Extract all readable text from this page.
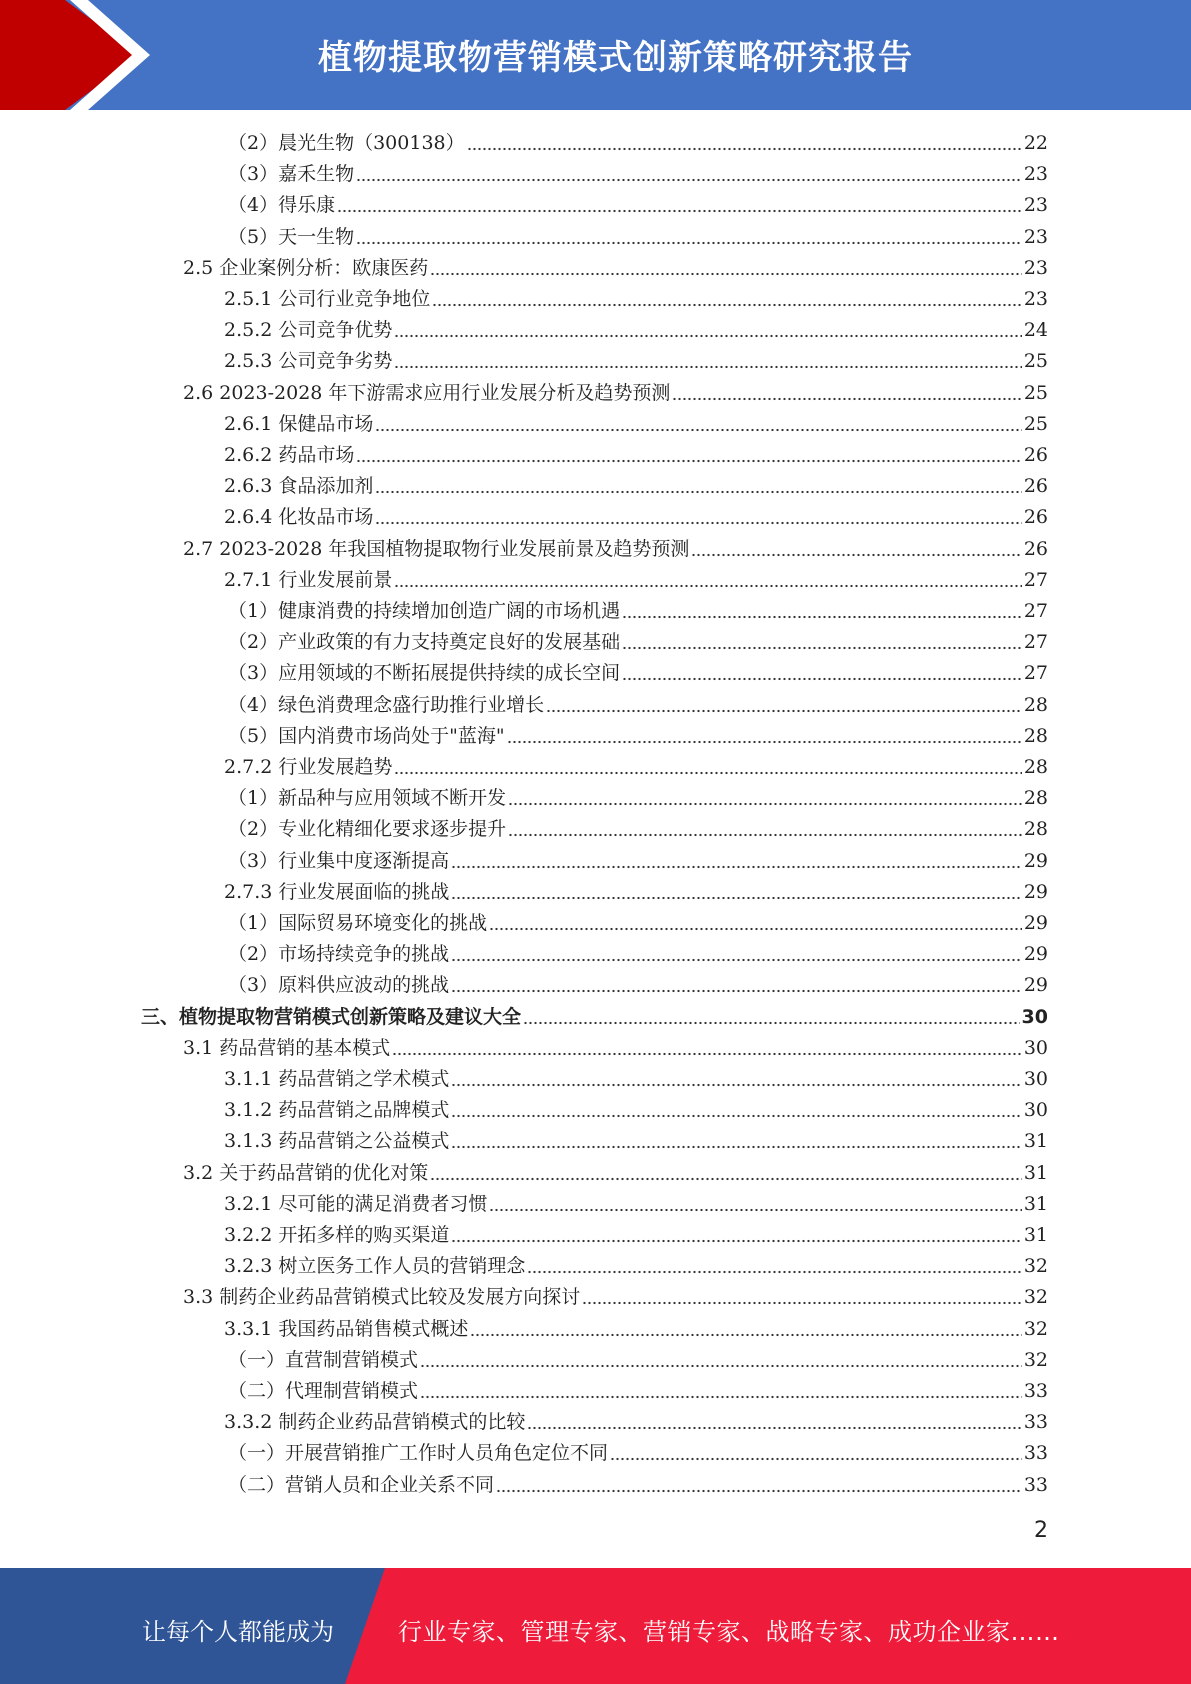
植物提取物营销模式创新策略研究报告
（2）晨光生物（300138）	22
（3）嘉禾生物	23
（4）得乐康	23
（5）天一生物	23
2.5 企业案例分析：欧康医药	23
2.5.1 公司行业竞争地位	23
2.5.2 公司竞争优势	24
2.5.3 公司竞争劣势	25
2.6 2023-2028 年下游需求应用行业发展分析及趋势预测	25
2.6.1 保健品市场	25
2.6.2 药品市场	26
2.6.3 食品添加剂	26
2.6.4 化妆品市场	26
2.7 2023-2028 年我国植物提取物行业发展前景及趋势预测	26
2.7.1 行业发展前景	27
（1）健康消费的持续增加创造广阔的市场机遇	27
（2）产业政策的有力支持奠定良好的发展基础	27
（3）应用领域的不断拓展提供持续的成长空间	27
（4）绿色消费理念盛行助推行业增长	28
（5）国内消费市场尚处于"蓝海"	28
2.7.2 行业发展趋势	28
（1）新品种与应用领域不断开发	28
（2）专业化精细化要求逐步提升	28
（3）行业集中度逐渐提高	29
2.7.3 行业发展面临的挑战	29
（1）国际贸易环境变化的挑战	29
（2）市场持续竞争的挑战	29
（3）原料供应波动的挑战	29
三、植物提取物营销模式创新策略及建议大全	30
3.1 药品营销的基本模式	30
3.1.1 药品营销之学术模式	30
3.1.2 药品营销之品牌模式	30
3.1.3 药品营销之公益模式	31
3.2 关于药品营销的优化对策	31
3.2.1 尽可能的满足消费者习惯	31
3.2.2 开拓多样的购买渠道	31
3.2.3 树立医务工作人员的营销理念	32
3.3 制药企业药品营销模式比较及发展方向探讨	32
3.3.1 我国药品销售模式概述	32
（一）直营制营销模式	32
（二）代理制营销模式	33
3.3.2 制药企业药品营销模式的比较	33
（一）开展营销推广工作时人员角色定位不同	33
（二）营销人员和企业关系不同	33
2
让每个人都能成为	行业专家、管理专家、营销专家、战略专家、成功企业家……
